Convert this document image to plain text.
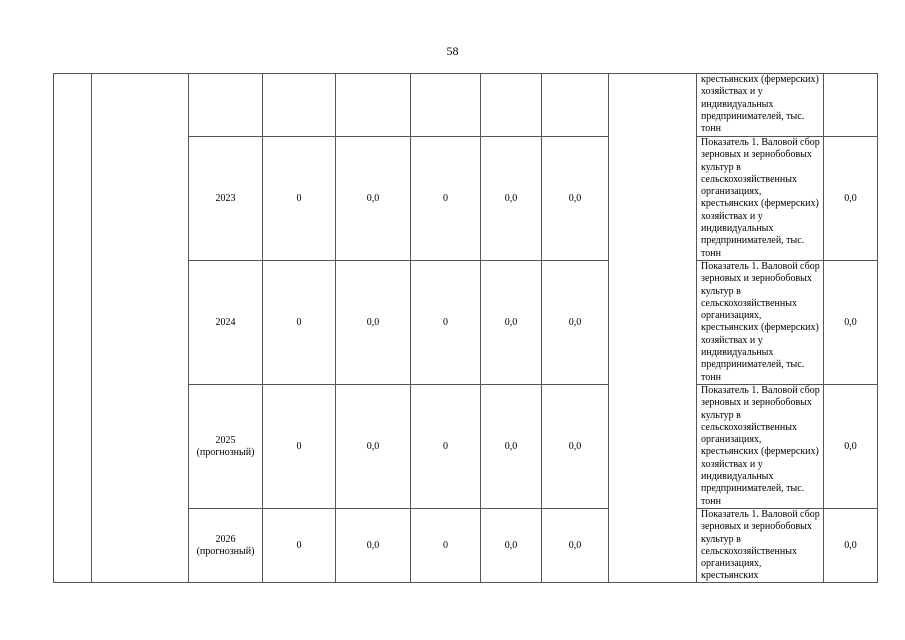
58

									крестьянских (фермерских) хозяйствах и у индивидуальных предпринимателей, тыс. тонн	

		2023	0	0,0	0	0,0	0,0		Показатель 1. Валовой сбор зерновых и зернобобовых культур в сельскохозяйственных организациях, крестьянских (фермерских) хозяйствах и у индивидуальных предпринимателей, тыс. тонн	0,0

		2024	0	0,0	0	0,0	0,0		Показатель 1. Валовой сбор зерновых и зернобобовых культур в сельскохозяйственных организациях, крестьянских (фермерских) хозяйствах и у индивидуальных предпринимателей, тыс. тонн	0,0

		2025
(прогнозный)	0	0,0	0	0,0	0,0		Показатель 1. Валовой сбор зерновых и зернобобовых культур в сельскохозяйственных организациях, крестьянских (фермерских) хозяйствах и у индивидуальных предпринимателей, тыс. тонн	0,0

		2026
(прогнозный)	0	0,0	0	0,0	0,0		Показатель 1. Валовой сбор зерновых и зернобобовых культур в сельскохозяйственных организациях, крестьянских	0,0
